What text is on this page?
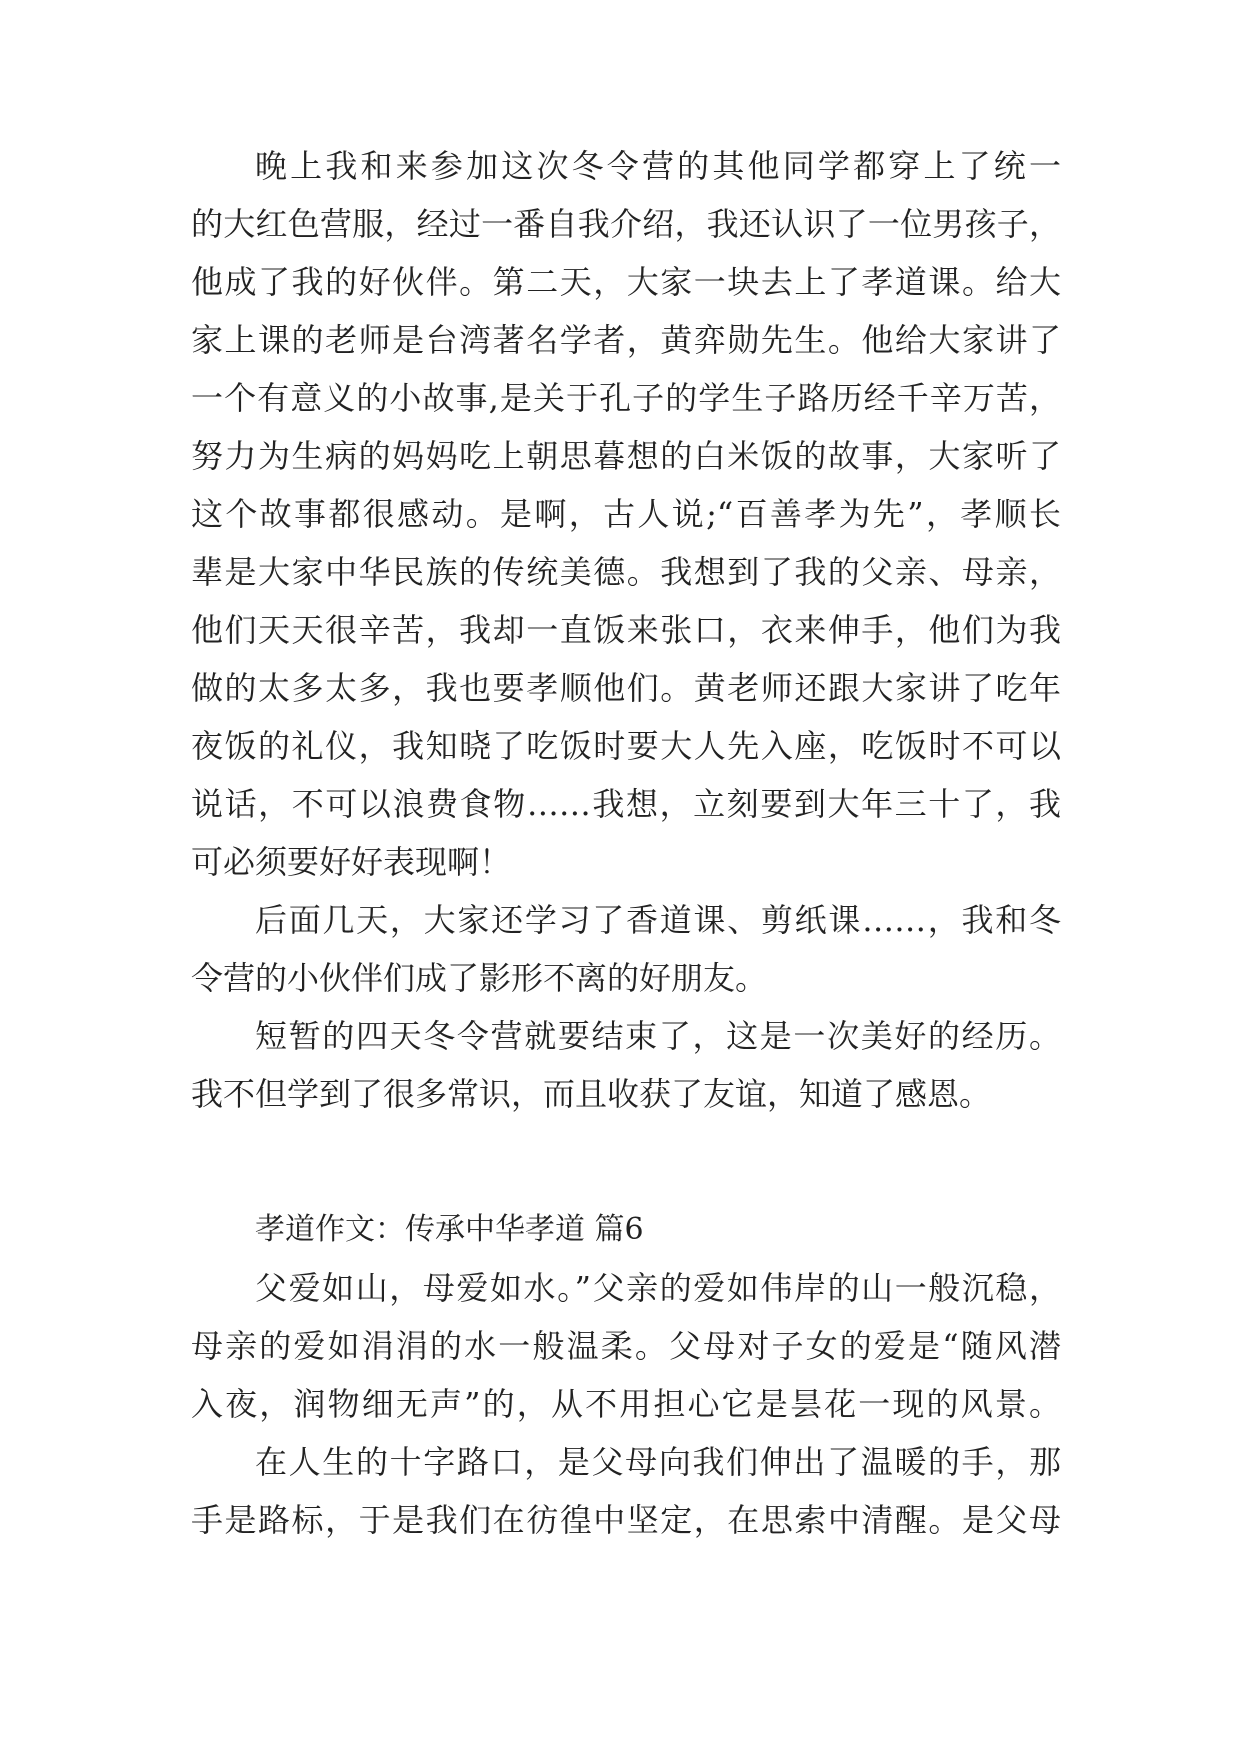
晚上我和来参加这次冬令营的其他同学都穿上了统一
的大红色营服，经过一番自我介绍，我还认识了一位男孩子，
他成了我的好伙伴。第二天，大家一块去上了孝道课。给大
家上课的老师是台湾著名学者，黄弈勋先生。他给大家讲了
一个有意义的小故事,是关于孔子的学生子路历经千辛万苦，
努力为生病的妈妈吃上朝思暮想的白米饭的故事，大家听了
这个故事都很感动。是啊，古人说;“百善孝为先”，孝顺长
辈是大家中华民族的传统美德。我想到了我的父亲、母亲，
他们天天很辛苦，我却一直饭来张口，衣来伸手，他们为我
做的太多太多，我也要孝顺他们。黄老师还跟大家讲了吃年
夜饭的礼仪，我知晓了吃饭时要大人先入座，吃饭时不可以
说话，不可以浪费食物……我想，立刻要到大年三十了，我
可必须要好好表现啊！
后面几天，大家还学习了香道课、剪纸课……，我和冬
令营的小伙伴们成了影形不离的好朋友。
短暂的四天冬令营就要结束了，这是一次美好的经历。
我不但学到了很多常识，而且收获了友谊，知道了感恩。
孝道作文：传承中华孝道 篇6
父爱如山，母爱如水。”父亲的爱如伟岸的山一般沉稳，
母亲的爱如涓涓的水一般温柔。父母对子女的爱是“随风潜
入夜，润物细无声”的，从不用担心它是昙花一现的风景。
在人生的十字路口，是父母向我们伸出了温暖的手，那
手是路标，于是我们在彷徨中坚定，在思索中清醒。是父母
